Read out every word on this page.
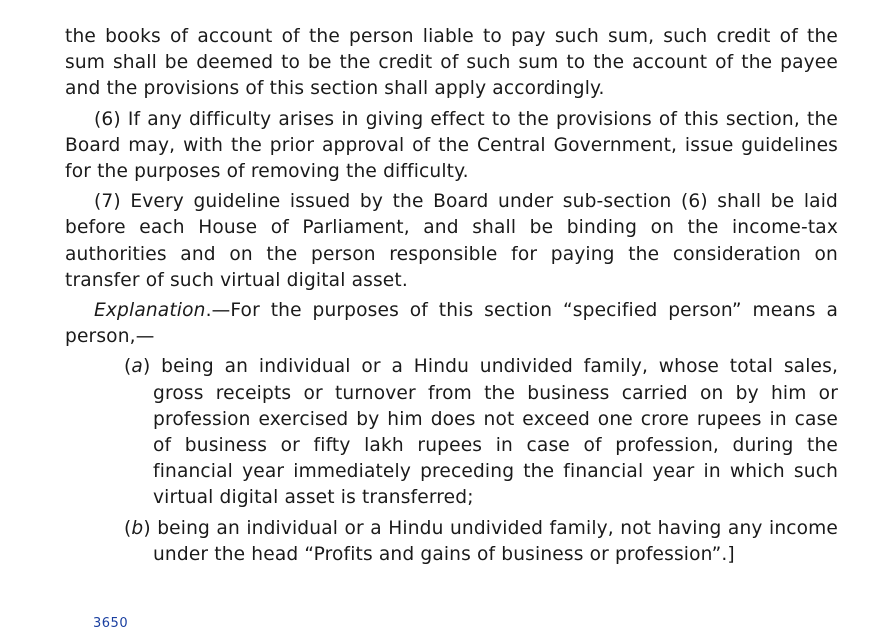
the books of account of the person liable to pay such sum, such credit of the sum shall be deemed to be the credit of such sum to the account of the payee and the provisions of this section shall apply accordingly.

(6) If any difficulty arises in giving effect to the provisions of this section, the Board may, with the prior approval of the Central Government, issue guidelines for the purposes of removing the difficulty.

(7) Every guideline issued by the Board under sub-section (6) shall be laid before each House of Parliament, and shall be binding on the income-tax authorities and on the person responsible for paying the consideration on transfer of such virtual digital asset.

Explanation.—For the purposes of this section “specified person” means a person,—

(a) being an individual or a Hindu undivided family, whose total sales, gross receipts or turnover from the business carried on by him or profession exercised by him does not exceed one crore rupees in case of business or fifty lakh rupees in case of profession, during the financial year immediately preceding the financial year in which such virtual digital asset is transferred;

(b) being an individual or a Hindu undivided family, not having any income under the head “Profits and gains of business or profession”.]

3650
